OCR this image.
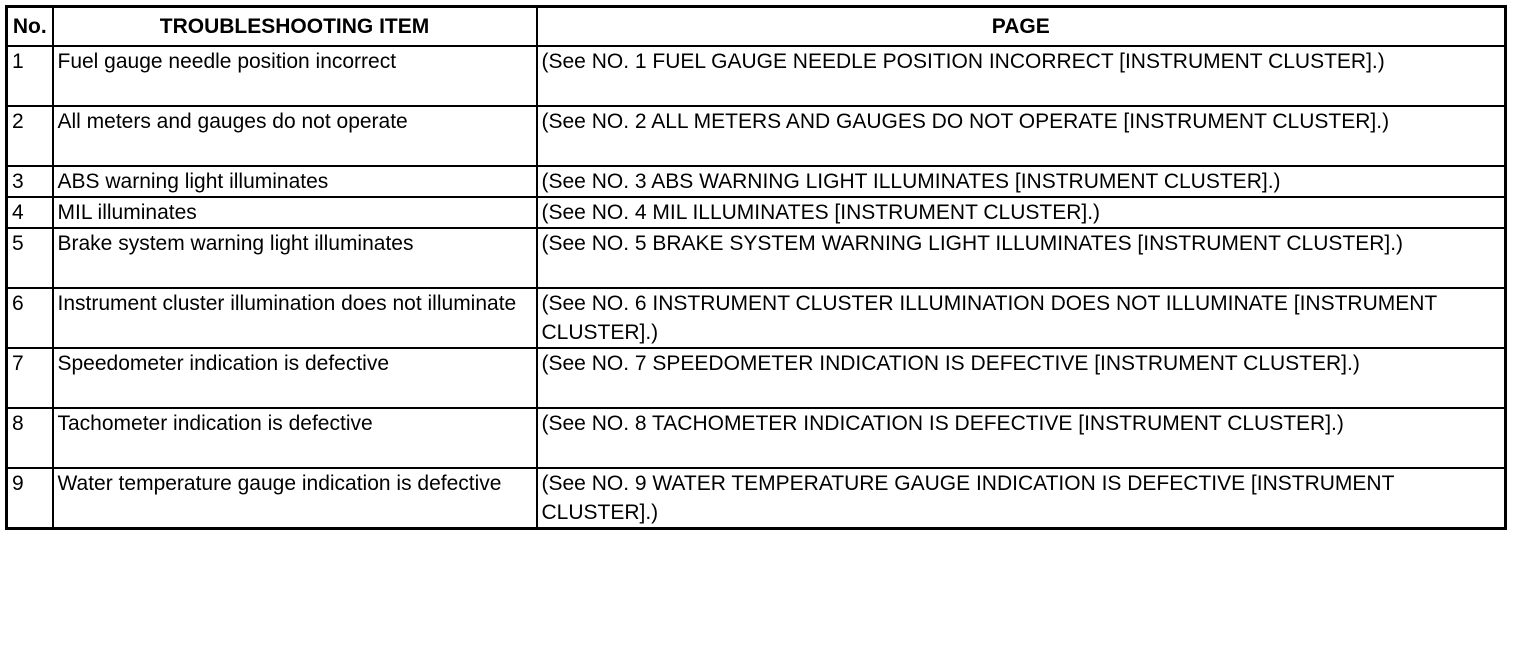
No.	TROUBLESHOOTING ITEM	PAGE
1	Fuel gauge needle position incorrect	(See NO. 1 FUEL GAUGE NEEDLE POSITION INCORRECT [INSTRUMENT CLUSTER].)
2	All meters and gauges do not operate	(See NO. 2 ALL METERS AND GAUGES DO NOT OPERATE [INSTRUMENT CLUSTER].)
3	ABS warning light illuminates	(See NO. 3 ABS WARNING LIGHT ILLUMINATES [INSTRUMENT CLUSTER].)
4	MIL illuminates	(See NO. 4 MIL ILLUMINATES [INSTRUMENT CLUSTER].)
5	Brake system warning light illuminates	(See NO. 5 BRAKE SYSTEM WARNING LIGHT ILLUMINATES [INSTRUMENT CLUSTER].)
6	Instrument cluster illumination does not illuminate	(See NO. 6 INSTRUMENT CLUSTER ILLUMINATION DOES NOT ILLUMINATE [INSTRUMENT CLUSTER].)
7	Speedometer indication is defective	(See NO. 7 SPEEDOMETER INDICATION IS DEFECTIVE [INSTRUMENT CLUSTER].)
8	Tachometer indication is defective	(See NO. 8 TACHOMETER INDICATION IS DEFECTIVE [INSTRUMENT CLUSTER].)
9	Water temperature gauge indication is defective	(See NO. 9 WATER TEMPERATURE GAUGE INDICATION IS DEFECTIVE [INSTRUMENT CLUSTER].)
